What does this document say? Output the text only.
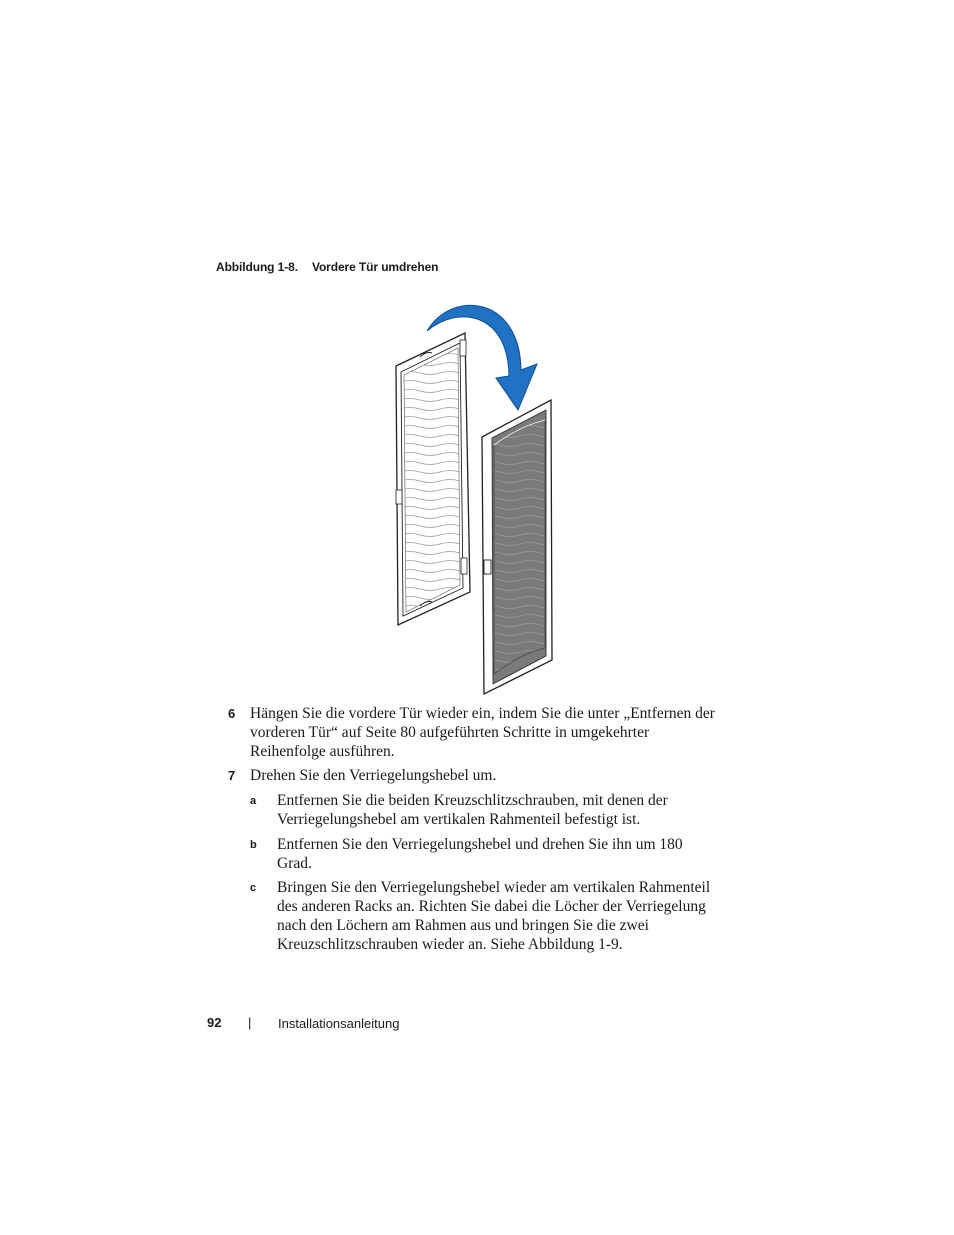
Abbildung 1-8. Vordere Tür umdrehen
6 Hängen Sie die vordere Tür wieder ein, indem Sie die unter „Entfernen der vorderen Tür“ auf Seite 80 aufgeführten Schritte in umgekehrter Reihenfolge ausführen.
7 Drehen Sie den Verriegelungshebel um.
a Entfernen Sie die beiden Kreuzschlitzschrauben, mit denen der Verriegelungshebel am vertikalen Rahmenteil befestigt ist.
b Entfernen Sie den Verriegelungshebel und drehen Sie ihn um 180 Grad.
c Bringen Sie den Verriegelungshebel wieder am vertikalen Rahmenteil des anderen Racks an. Richten Sie dabei die Löcher der Verriegelung nach den Löchern am Rahmen aus und bringen Sie die zwei Kreuzschlitzschrauben wieder an. Siehe Abbildung 1-9.
92 | Installationsanleitung
